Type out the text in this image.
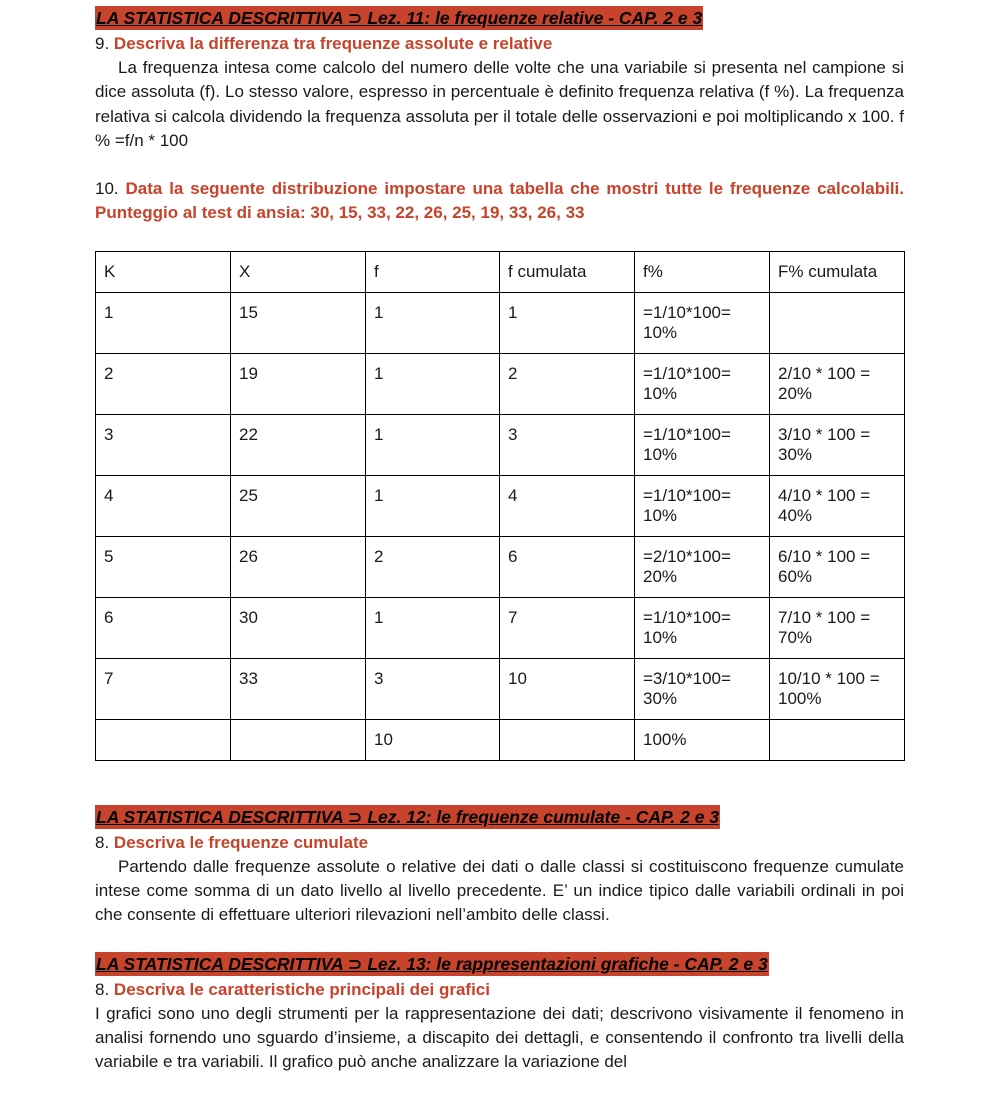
LA STATISTICA DESCRITTIVA ⊃ Lez. 11: le frequenze relative - CAP. 2 e 3

9. Descriva la differenza tra frequenze assolute e relative

La frequenza intesa come calcolo del numero delle volte che una variabile si presenta nel campione si dice assoluta (f). Lo stesso valore, espresso in percentuale è definito frequenza relativa (f %). La frequenza relativa si calcola dividendo la frequenza assoluta per il totale delle osservazioni e poi moltiplicando x 100. f % =f/n * 100

10. Data la seguente distribuzione impostare una tabella che mostri tutte le frequenze calcolabili. Punteggio al test di ansia: 30, 15, 33, 22, 26, 25, 19, 33, 26, 33

K	X	f	f cumulata	f%	F% cumulata
1	15	1	1	=1/10*100= 10%	
2	19	1	2	=1/10*100= 10%	2/10 * 100 = 20%
3	22	1	3	=1/10*100= 10%	3/10 * 100 = 30%
4	25	1	4	=1/10*100= 10%	4/10 * 100 = 40%
5	26	2	6	=2/10*100= 20%	6/10 * 100 = 60%
6	30	1	7	=1/10*100= 10%	7/10 * 100 = 70%
7	33	3	10	=3/10*100= 30%	10/10 * 100 = 100%
		10		100%	
LA STATISTICA DESCRITTIVA ⊃ Lez. 12: le frequenze cumulate - CAP. 2 e 3

8. Descriva le frequenze cumulate

Partendo dalle frequenze assolute o relative dei dati o dalle classi si costituiscono frequenze cumulate intese come somma di un dato livello al livello precedente. E’ un indice tipico dalle variabili ordinali in poi che consente di effettuare ulteriori rilevazioni nell’ambito delle classi.

LA STATISTICA DESCRITTIVA ⊃ Lez. 13: le rappresentazioni grafiche - CAP. 2 e 3

8. Descriva le caratteristiche principali dei grafici

I grafici sono uno degli strumenti per la rappresentazione dei dati; descrivono visivamente il fenomeno in analisi fornendo uno sguardo d’insieme, a discapito dei dettagli, e consentendo il confronto tra livelli della variabile e tra variabili. Il grafico può anche analizzare la variazione del
